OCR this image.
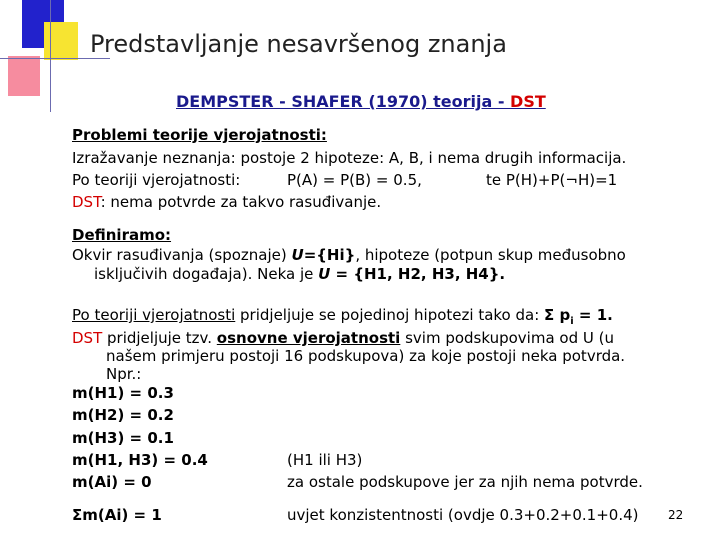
Predstavljanje nesavršenog znanja
DEMPSTER - SHAFER (1970) teorija - DST
Problemi teorije vjerojatnosti:
Izražavanje neznanja: postoje 2 hipoteze: A, B, i nema drugih informacija.
Po teoriji vjerojatnosti:	P(A) = P(B) = 0.5,	te P(H)+P(¬H)=1
DST: nema potvrde za takvo rasuđivanje.
Definiramo:
Okvir rasuđivanja (spoznaje) U={Hi}, hipoteze (potpun skup međusobno
isključivih događaja). Neka je U = {H1, H2, H3, H4}.
Po teoriji vjerojatnosti pridjeljuje se pojedinoj hipotezi tako da: Σ $p_i = 1$.
DST pridjeljuje tzv. osnovne vjerojatnosti svim podskupovima od U (u
našem primjeru postoji 16 podskupova) za koje postoji neka potvrda.
Npr.:
m(H1) = 0.3
m(H2) = 0.2
m(H3) = 0.1
m(H1, H3) = 0.4	(H1 ili H3)
m(Ai) = 0	za ostale podskupove jer za njih nema potvrde.
Σm(Ai) = 1	uvjet konzistentnosti (ovdje 0.3+0.2+0.1+0.4) 22
